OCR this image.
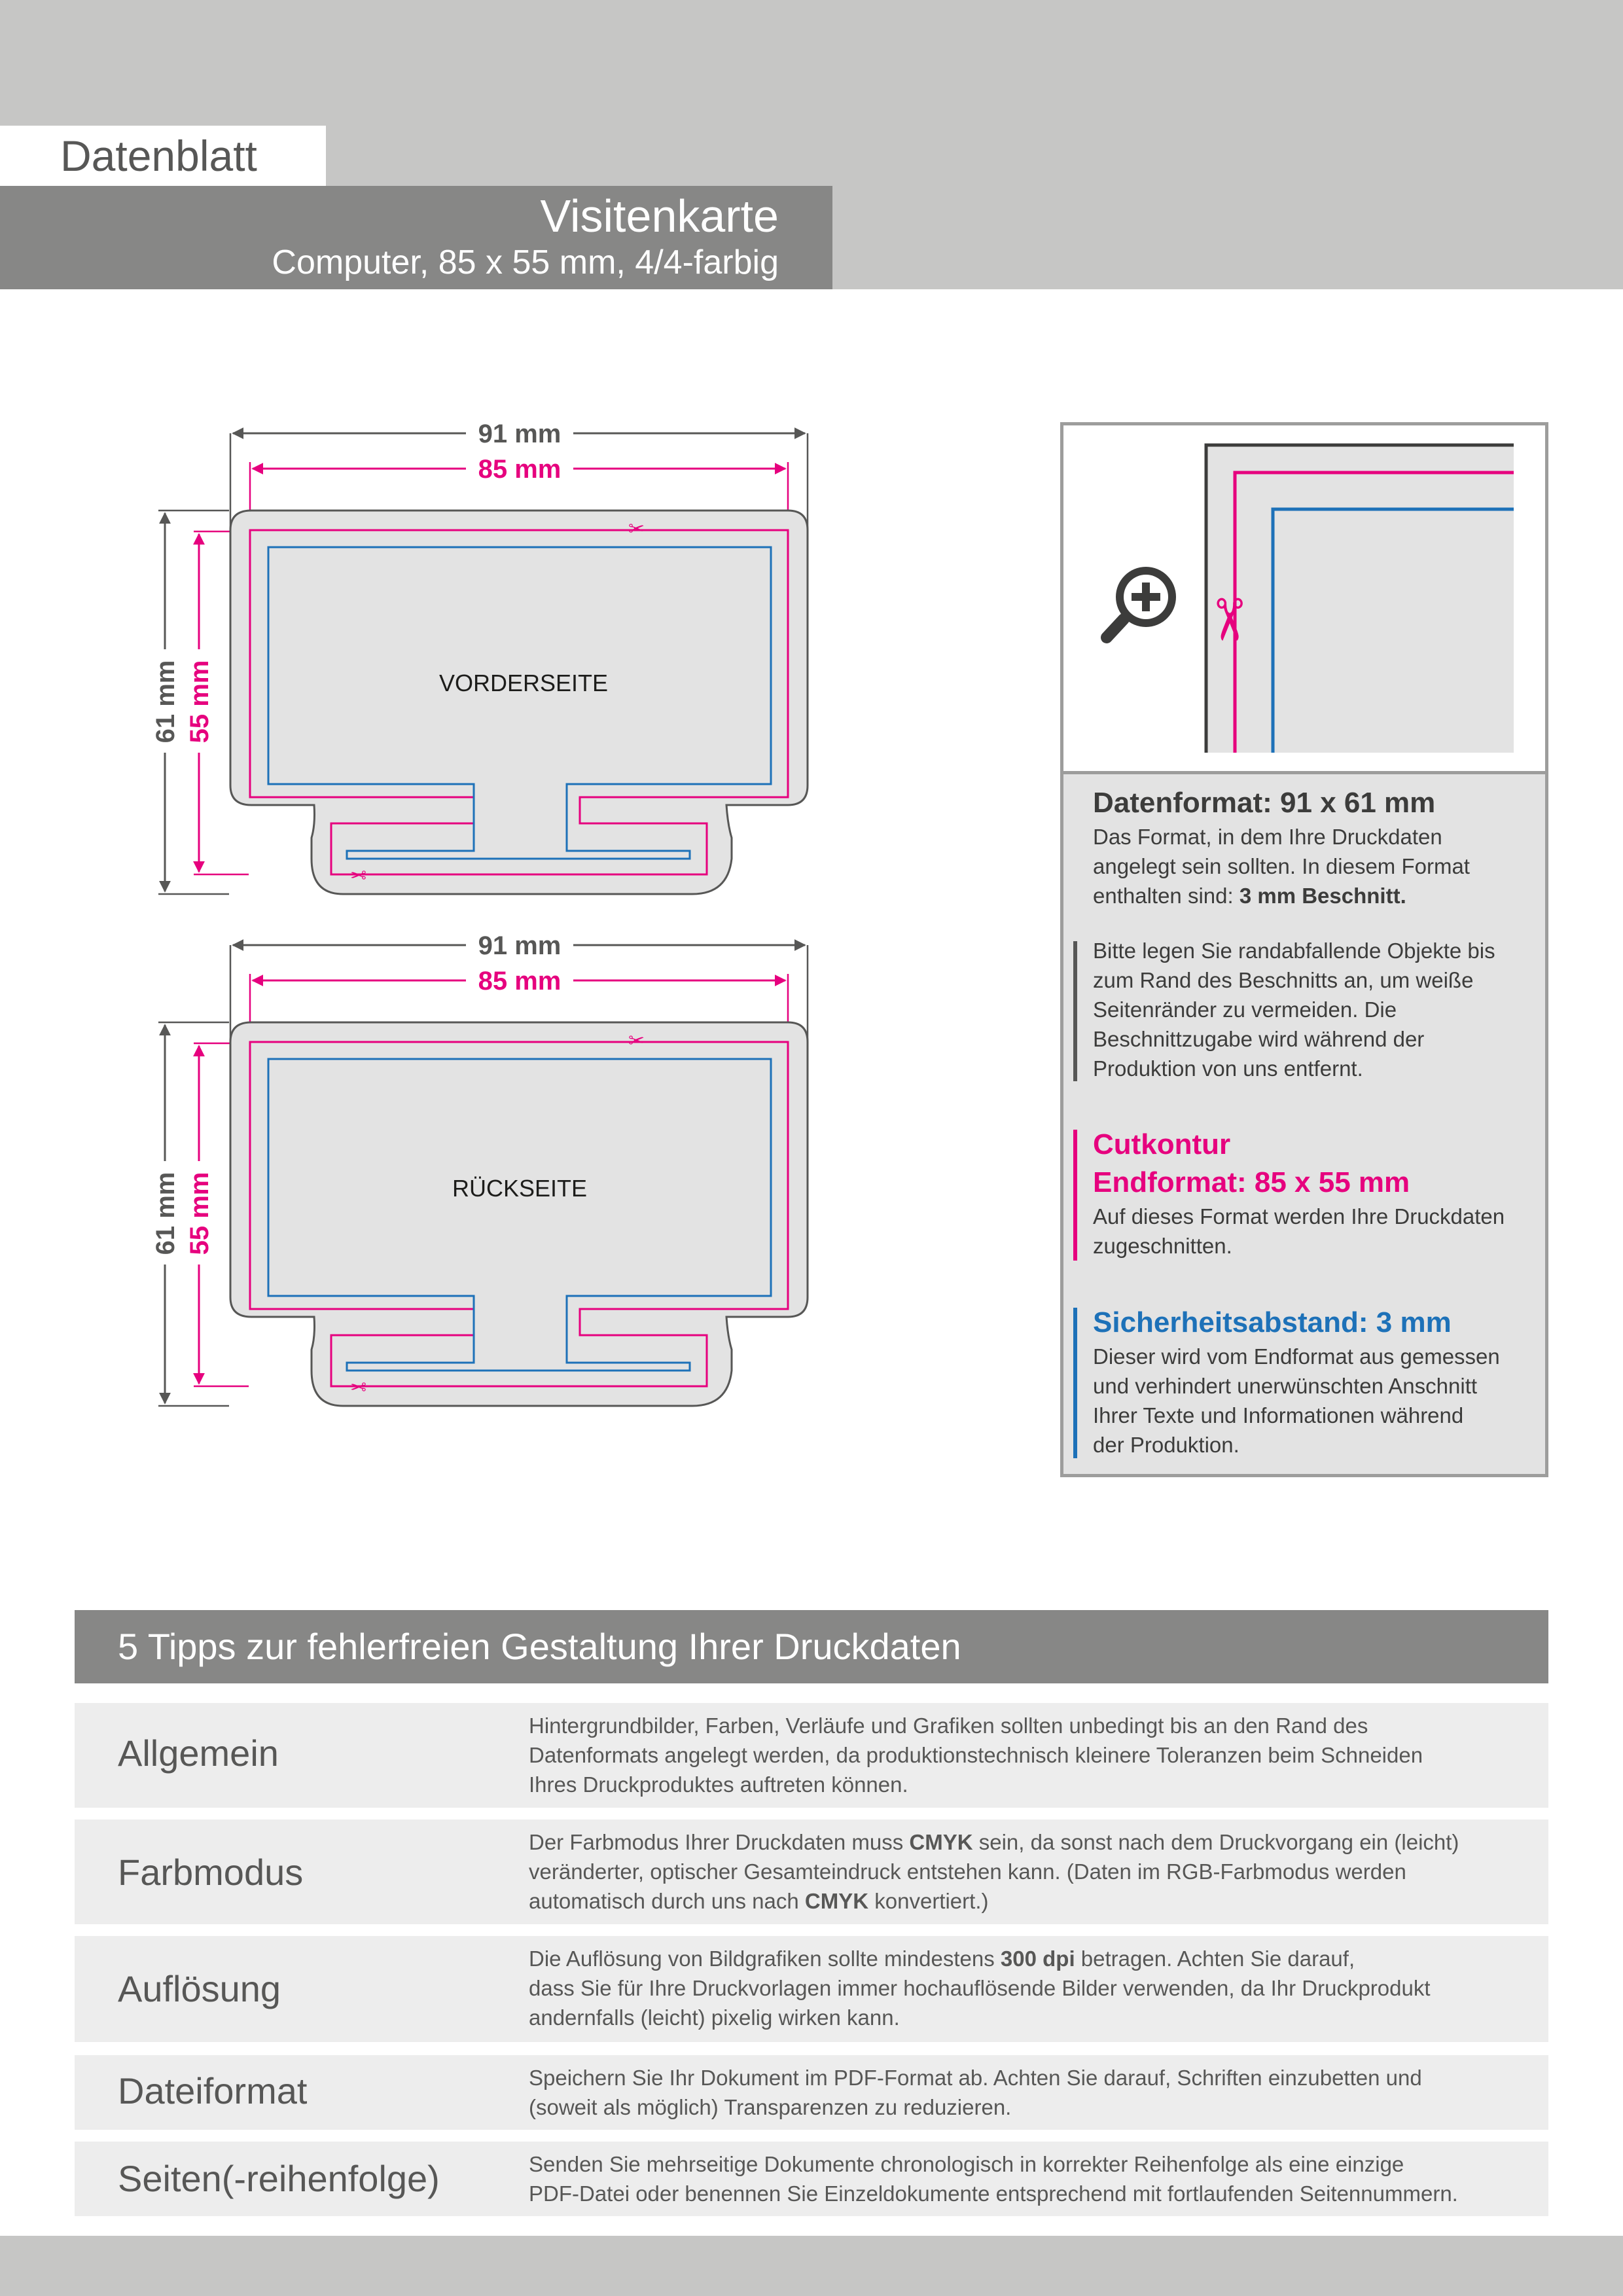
Datenblatt
Visitenkarte
Computer, 85 x 55 mm, 4/4-farbig
91 mm
85 mm
61 mm 55 mm
✂
✂
VORDERSEITE
91 mm
85 mm
61 mm 55 mm
✂
✂
RÜCKSEITE
✂
Datenformat: 91 x 61 mm
Das Format, in dem Ihre Druckdaten
angelegt sein sollten. In diesem Format
enthalten sind: 3 mm Beschnitt.
Bitte legen Sie randabfallende Objekte bis
zum Rand des Beschnitts an, um weiße
Seitenränder zu vermeiden. Die
Beschnittzugabe wird während der
Produktion von uns entfernt.
Cutkontur
Endformat: 85 x 55 mm
Auf dieses Format werden Ihre Druckdaten
zugeschnitten.
Sicherheitsabstand: 3 mm
Dieser wird vom Endformat aus gemessen
und verhindert unerwünschten Anschnitt
Ihrer Texte und Informationen während
der Produktion.
5 Tipps zur fehlerfreien Gestaltung Ihrer Druckdaten
Allgemein
Hintergrundbilder, Farben, Verläufe und Grafiken sollten unbedingt bis an den Rand des
Datenformats angelegt werden, da produktionstechnisch kleinere Toleranzen beim Schneiden
Ihres Druckproduktes auftreten können.
Farbmodus
Der Farbmodus Ihrer Druckdaten muss CMYK sein, da sonst nach dem Druckvorgang ein (leicht)
veränderter, optischer Gesamteindruck entstehen kann. (Daten im RGB-Farbmodus werden
automatisch durch uns nach CMYK konvertiert.)
Auflösung
Die Auflösung von Bildgrafiken sollte mindestens 300 dpi betragen. Achten Sie darauf,
dass Sie für Ihre Druckvorlagen immer hochauflösende Bilder verwenden, da Ihr Druckprodukt
andernfalls (leicht) pixelig wirken kann.
Dateiformat	Speichern Sie Ihr Dokument im PDF-Format ab. Achten Sie darauf, Schriften einzubetten und
(soweit als möglich) Transparenzen zu reduzieren.
Seiten(-reihenfolge)	Senden Sie mehrseitige Dokumente chronologisch in korrekter Reihenfolge als eine einzige
PDF-Datei oder benennen Sie Einzeldokumente entsprechend mit fortlaufenden Seitennummern.
